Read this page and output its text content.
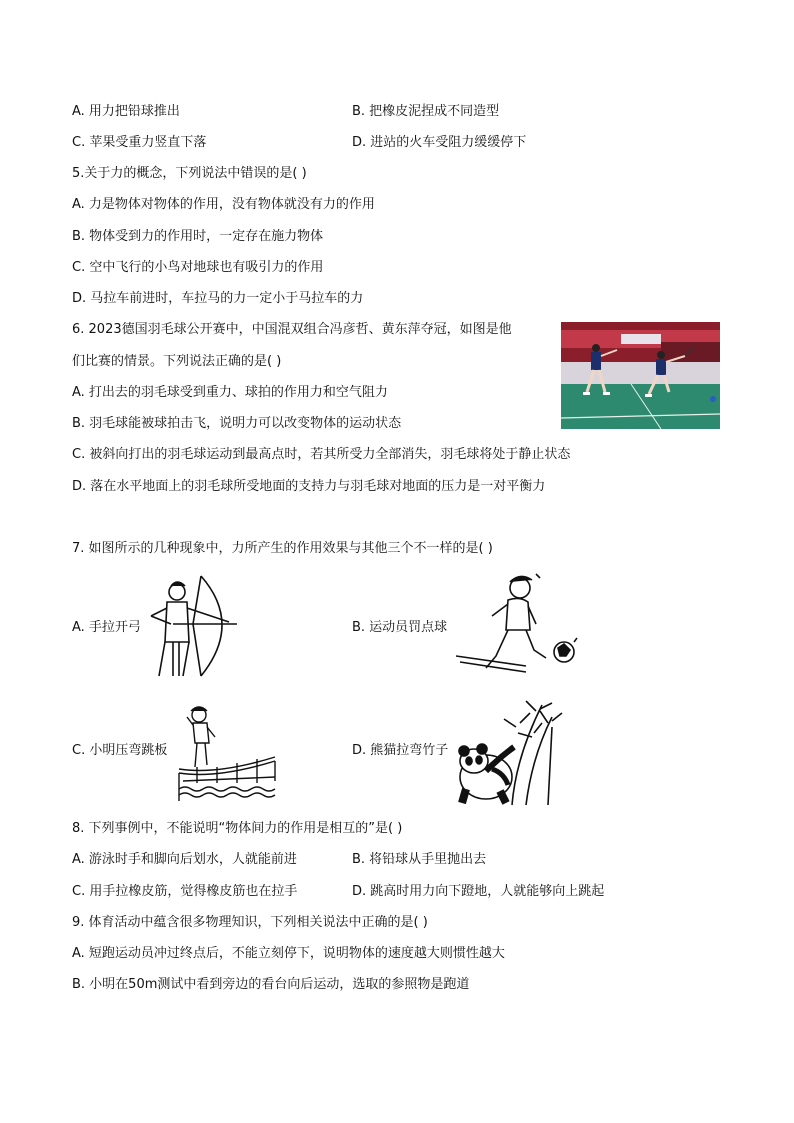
A. 用力把铅球推出	B. 把橡皮泥捏成不同造型
C. 苹果受重力竖直下落	D. 进站的火车受阻力缓缓停下
5.关于力的概念，下列说法中错误的是( )
A. 力是物体对物体的作用，没有物体就没有力的作用
B. 物体受到力的作用时，一定存在施力物体
C. 空中飞行的小鸟对地球也有吸引力的作用
D. 马拉车前进时，车拉马的力一定小于马拉车的力
6. 2023德国羽毛球公开赛中，中国混双组合冯彦哲、黄东萍夺冠，如图是他
们比赛的情景。下列说法正确的是( )
A. 打出去的羽毛球受到重力、球拍的作用力和空气阻力
B. 羽毛球能被球拍击飞，说明力可以改变物体的运动状态
C. 被斜向打出的羽毛球运动到最高点时，若其所受力全部消失，羽毛球将处于静止状态
D. 落在水平地面上的羽毛球所受地面的支持力与羽毛球对地面的压力是一对平衡力
7. 如图所示的几种现象中，力所产生的作用效果与其他三个不一样的是( )
A. 手拉开弓	B. 运动员罚点球
C. 小明压弯跳板	D. 熊猫拉弯竹子
8. 下列事例中，不能说明“物体间力的作用是相互的”是( )
A. 游泳时手和脚向后划水，人就能前进	B. 将铅球从手里抛出去
C. 用手拉橡皮筋，觉得橡皮筋也在拉手	D. 跳高时用力向下蹬地，人就能够向上跳起
9. 体育活动中蕴含很多物理知识，下列相关说法中正确的是( )
A. 短跑运动员冲过终点后，不能立刻停下，说明物体的速度越大则惯性越大
B. 小明在50m测试中看到旁边的看台向后运动，选取的参照物是跑道
